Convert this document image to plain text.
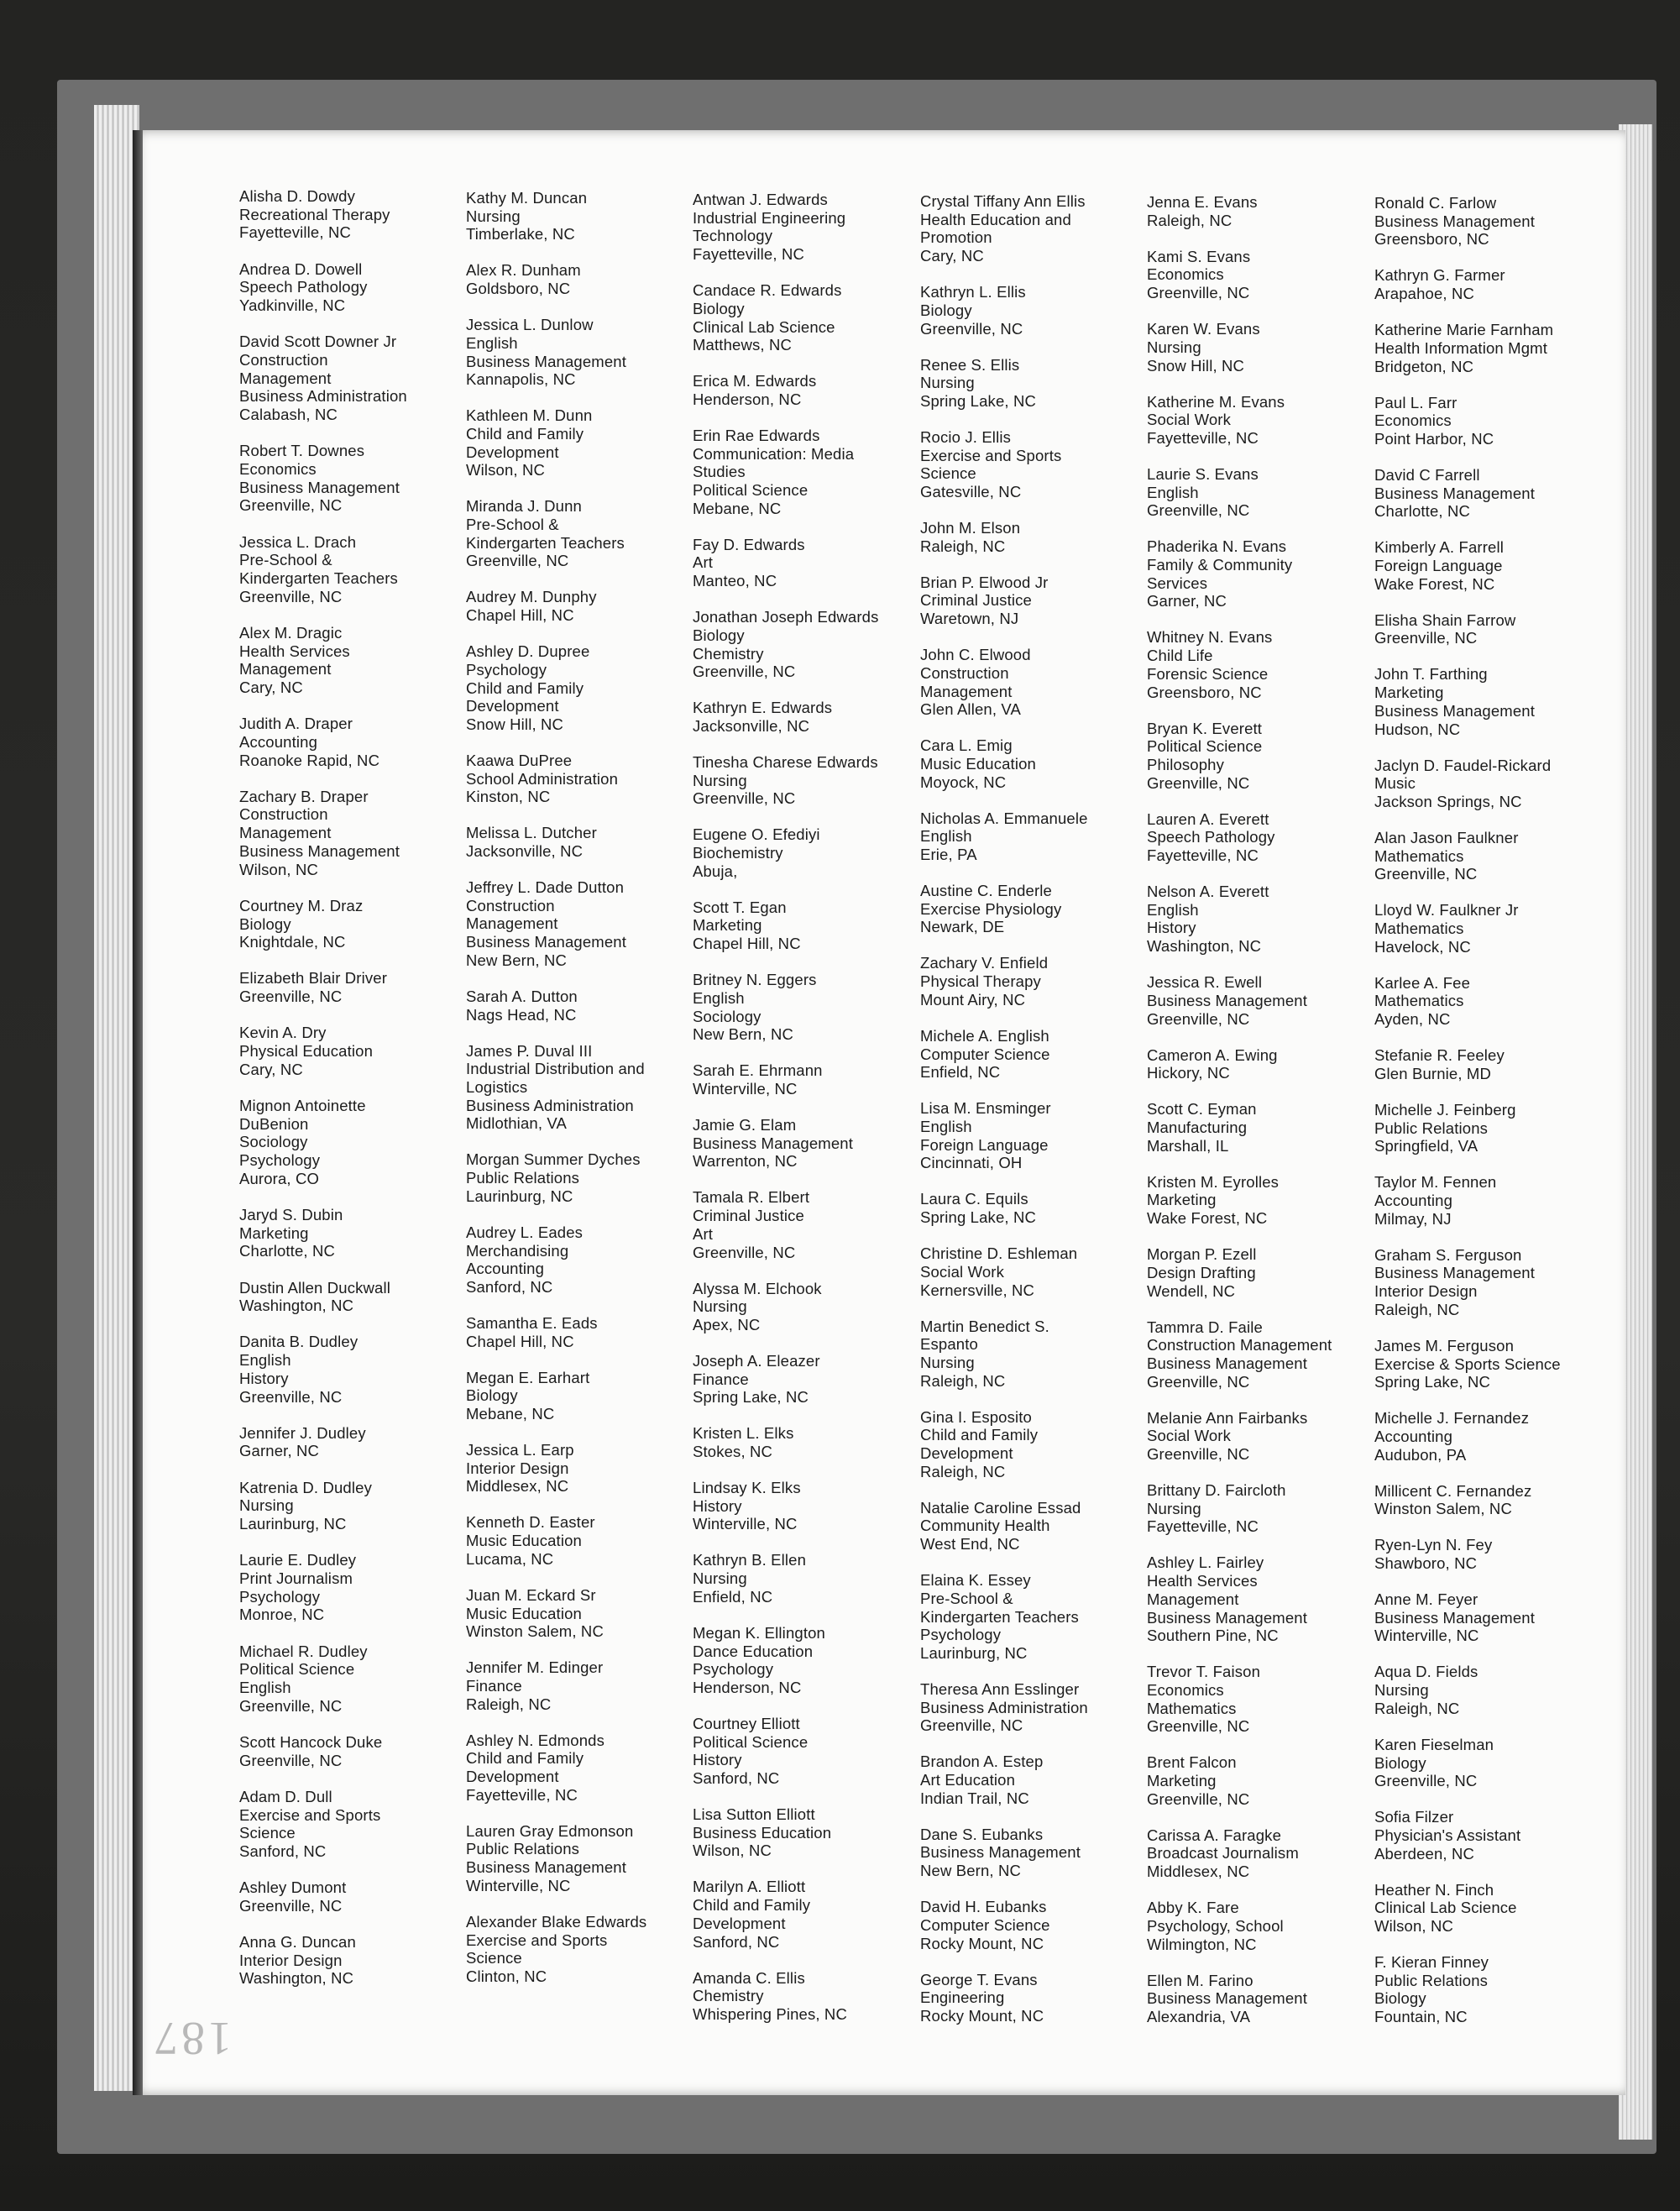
187
Alisha D. Dowdy
Recreational Therapy
Fayetteville, NC
Andrea D. Dowell
Speech Pathology
Yadkinville, NC
David Scott Downer Jr
Construction
Management
Business Administration
Calabash, NC
Robert T. Downes
Economics
Business Management
Greenville, NC
Jessica L. Drach
Pre-School &
Kindergarten Teachers
Greenville, NC
Alex M. Dragic
Health Services
Management
Cary, NC
Judith A. Draper
Accounting
Roanoke Rapid, NC
Zachary B. Draper
Construction
Management
Business Management
Wilson, NC
Courtney M. Draz
Biology
Knightdale, NC
Elizabeth Blair Driver
Greenville, NC
Kevin A. Dry
Physical Education
Cary, NC
Mignon Antoinette
DuBenion
Sociology
Psychology
Aurora, CO
Jaryd S. Dubin
Marketing
Charlotte, NC
Dustin Allen Duckwall
Washington, NC
Danita B. Dudley
English
History
Greenville, NC
Jennifer J. Dudley
Garner, NC
Katrenia D. Dudley
Nursing
Laurinburg, NC
Laurie E. Dudley
Print Journalism
Psychology
Monroe, NC
Michael R. Dudley
Political Science
English
Greenville, NC
Scott Hancock Duke
Greenville, NC
Adam D. Dull
Exercise and Sports
Science
Sanford, NC
Ashley Dumont
Greenville, NC
Anna G. Duncan
Interior Design
Washington, NC
Kathy M. Duncan
Nursing
Timberlake, NC
Alex R. Dunham
Goldsboro, NC
Jessica L. Dunlow
English
Business Management
Kannapolis, NC
Kathleen M. Dunn
Child and Family
Development
Wilson, NC
Miranda J. Dunn
Pre-School &
Kindergarten Teachers
Greenville, NC
Audrey M. Dunphy
Chapel Hill, NC
Ashley D. Dupree
Psychology
Child and Family
Development
Snow Hill, NC
Kaawa DuPree
School Administration
Kinston, NC
Melissa L. Dutcher
Jacksonville, NC
Jeffrey L. Dade Dutton
Construction
Management
Business Management
New Bern, NC
Sarah A. Dutton
Nags Head, NC
James P. Duval III
Industrial Distribution and
Logistics
Business Administration
Midlothian, VA
Morgan Summer Dyches
Public Relations
Laurinburg, NC
Audrey L. Eades
Merchandising
Accounting
Sanford, NC
Samantha E. Eads
Chapel Hill, NC
Megan E. Earhart
Biology
Mebane, NC
Jessica L. Earp
Interior Design
Middlesex, NC
Kenneth D. Easter
Music Education
Lucama, NC
Juan M. Eckard Sr
Music Education
Winston Salem, NC
Jennifer M. Edinger
Finance
Raleigh, NC
Ashley N. Edmonds
Child and Family
Development
Fayetteville, NC
Lauren Gray Edmonson
Public Relations
Business Management
Winterville, NC
Alexander Blake Edwards
Exercise and Sports
Science
Clinton, NC
Antwan J. Edwards
Industrial Engineering
Technology
Fayetteville, NC
Candace R. Edwards
Biology
Clinical Lab Science
Matthews, NC
Erica M. Edwards
Henderson, NC
Erin Rae Edwards
Communication: Media
Studies
Political Science
Mebane, NC
Fay D. Edwards
Art
Manteo, NC
Jonathan Joseph Edwards
Biology
Chemistry
Greenville, NC
Kathryn E. Edwards
Jacksonville, NC
Tinesha Charese Edwards
Nursing
Greenville, NC
Eugene O. Efediyi
Biochemistry
Abuja,
Scott T. Egan
Marketing
Chapel Hill, NC
Britney N. Eggers
English
Sociology
New Bern, NC
Sarah E. Ehrmann
Winterville, NC
Jamie G. Elam
Business Management
Warrenton, NC
Tamala R. Elbert
Criminal Justice
Art
Greenville, NC
Alyssa M. Elchook
Nursing
Apex, NC
Joseph A. Eleazer
Finance
Spring Lake, NC
Kristen L. Elks
Stokes, NC
Lindsay K. Elks
History
Winterville, NC
Kathryn B. Ellen
Nursing
Enfield, NC
Megan K. Ellington
Dance Education
Psychology
Henderson, NC
Courtney Elliott
Political Science
History
Sanford, NC
Lisa Sutton Elliott
Business Education
Wilson, NC
Marilyn A. Elliott
Child and Family
Development
Sanford, NC
Amanda C. Ellis
Chemistry
Whispering Pines, NC
Crystal Tiffany Ann Ellis
Health Education and
Promotion
Cary, NC
Kathryn L. Ellis
Biology
Greenville, NC
Renee S. Ellis
Nursing
Spring Lake, NC
Rocio J. Ellis
Exercise and Sports
Science
Gatesville, NC
John M. Elson
Raleigh, NC
Brian P. Elwood Jr
Criminal Justice
Waretown, NJ
John C. Elwood
Construction
Management
Glen Allen, VA
Cara L. Emig
Music Education
Moyock, NC
Nicholas A. Emmanuele
English
Erie, PA
Austine C. Enderle
Exercise Physiology
Newark, DE
Zachary V. Enfield
Physical Therapy
Mount Airy, NC
Michele A. English
Computer Science
Enfield, NC
Lisa M. Ensminger
English
Foreign Language
Cincinnati, OH
Laura C. Equils
Spring Lake, NC
Christine D. Eshleman
Social Work
Kernersville, NC
Martin Benedict S.
Espanto
Nursing
Raleigh, NC
Gina I. Esposito
Child and Family
Development
Raleigh, NC
Natalie Caroline Essad
Community Health
West End, NC
Elaina K. Essey
Pre-School &
Kindergarten Teachers
Psychology
Laurinburg, NC
Theresa Ann Esslinger
Business Administration
Greenville, NC
Brandon A. Estep
Art Education
Indian Trail, NC
Dane S. Eubanks
Business Management
New Bern, NC
David H. Eubanks
Computer Science
Rocky Mount, NC
George T. Evans
Engineering
Rocky Mount, NC
Jenna E. Evans
Raleigh, NC
Kami S. Evans
Economics
Greenville, NC
Karen W. Evans
Nursing
Snow Hill, NC
Katherine M. Evans
Social Work
Fayetteville, NC
Laurie S. Evans
English
Greenville, NC
Phaderika N. Evans
Family & Community
Services
Garner, NC
Whitney N. Evans
Child Life
Forensic Science
Greensboro, NC
Bryan K. Everett
Political Science
Philosophy
Greenville, NC
Lauren A. Everett
Speech Pathology
Fayetteville, NC
Nelson A. Everett
English
History
Washington, NC
Jessica R. Ewell
Business Management
Greenville, NC
Cameron A. Ewing
Hickory, NC
Scott C. Eyman
Manufacturing
Marshall, IL
Kristen M. Eyrolles
Marketing
Wake Forest, NC
Morgan P. Ezell
Design Drafting
Wendell, NC
Tammra D. Faile
Construction Management
Business Management
Greenville, NC
Melanie Ann Fairbanks
Social Work
Greenville, NC
Brittany D. Faircloth
Nursing
Fayetteville, NC
Ashley L. Fairley
Health Services
Management
Business Management
Southern Pine, NC
Trevor T. Faison
Economics
Mathematics
Greenville, NC
Brent Falcon
Marketing
Greenville, NC
Carissa A. Faragke
Broadcast Journalism
Middlesex, NC
Abby K. Fare
Psychology, School
Wilmington, NC
Ellen M. Farino
Business Management
Alexandria, VA
Ronald C. Farlow
Business Management
Greensboro, NC
Kathryn G. Farmer
Arapahoe, NC
Katherine Marie Farnham
Health Information Mgmt
Bridgeton, NC
Paul L. Farr
Economics
Point Harbor, NC
David C Farrell
Business Management
Charlotte, NC
Kimberly A. Farrell
Foreign Language
Wake Forest, NC
Elisha Shain Farrow
Greenville, NC
John T. Farthing
Marketing
Business Management
Hudson, NC
Jaclyn D. Faudel-Rickard
Music
Jackson Springs, NC
Alan Jason Faulkner
Mathematics
Greenville, NC
Lloyd W. Faulkner Jr
Mathematics
Havelock, NC
Karlee A. Fee
Mathematics
Ayden, NC
Stefanie R. Feeley
Glen Burnie, MD
Michelle J. Feinberg
Public Relations
Springfield, VA
Taylor M. Fennen
Accounting
Milmay, NJ
Graham S. Ferguson
Business Management
Interior Design
Raleigh, NC
James M. Ferguson
Exercise & Sports Science
Spring Lake, NC
Michelle J. Fernandez
Accounting
Audubon, PA
Millicent C. Fernandez
Winston Salem, NC
Ryen-Lyn N. Fey
Shawboro, NC
Anne M. Feyer
Business Management
Winterville, NC
Aqua D. Fields
Nursing
Raleigh, NC
Karen Fieselman
Biology
Greenville, NC
Sofia Filzer
Physician's Assistant
Aberdeen, NC
Heather N. Finch
Clinical Lab Science
Wilson, NC
F. Kieran Finney
Public Relations
Biology
Fountain, NC
